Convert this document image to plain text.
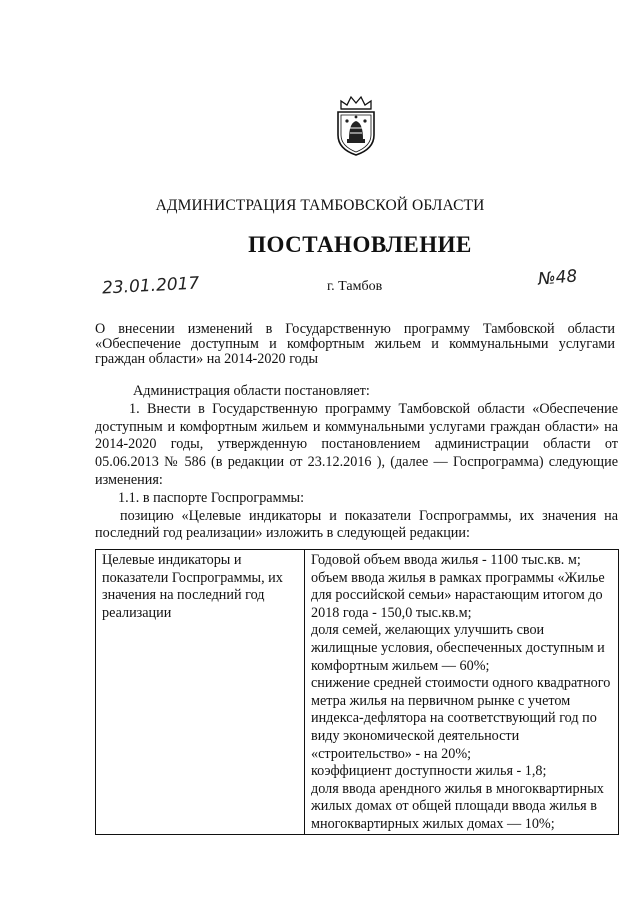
АДМИНИСТРАЦИЯ ТАМБОВСКОЙ ОБЛАСТИ
ПОСТАНОВЛЕНИЕ
23.01.2017	г. Тамбов	№48
О внесении изменений в Государственную программу Тамбовской области «Обеспечение доступным и комфортным жильем и коммунальными услугами граждан области» на 2014-2020 годы

Администрация области постановляет:

1. Внести в Государственную программу Тамбовской области «Обеспечение доступным и комфортным жильем и коммунальными услугами граждан области» на 2014-2020 годы, утвержденную постановлением администрации области от 05.06.2013 № 586 (в редакции от 23.12.2016 ), (далее — Госпрограмма) следующие изменения:

1.1. в паспорте Госпрограммы:

позицию «Целевые индикаторы и показатели Госпрограммы, их значения на последний год реализации» изложить в следующей редакции:

Целевые индикаторы и показатели Госпрограммы, их значения на последний год реализации	
Годовой объем ввода жилья - 1100 тыс.кв. м;
объем ввода жилья в рамках программы «Жилье для российской семьи» нарастающим итогом до 2018 года - 150,0 тыс.кв.м;
доля семей, желающих улучшить свои жилищные условия, обеспеченных доступным и комфортным жильем — 60%;
снижение средней стоимости одного квадратного метра жилья на первичном рынке с учетом индекса-дефлятора на соответствующий год по виду экономической деятельности «строительство» - на 20%;
коэффициент доступности жилья - 1,8;
доля ввода арендного жилья в многоквартирных жилых домах от общей площади ввода жилья в многоквартирных жилых домах — 10%;
